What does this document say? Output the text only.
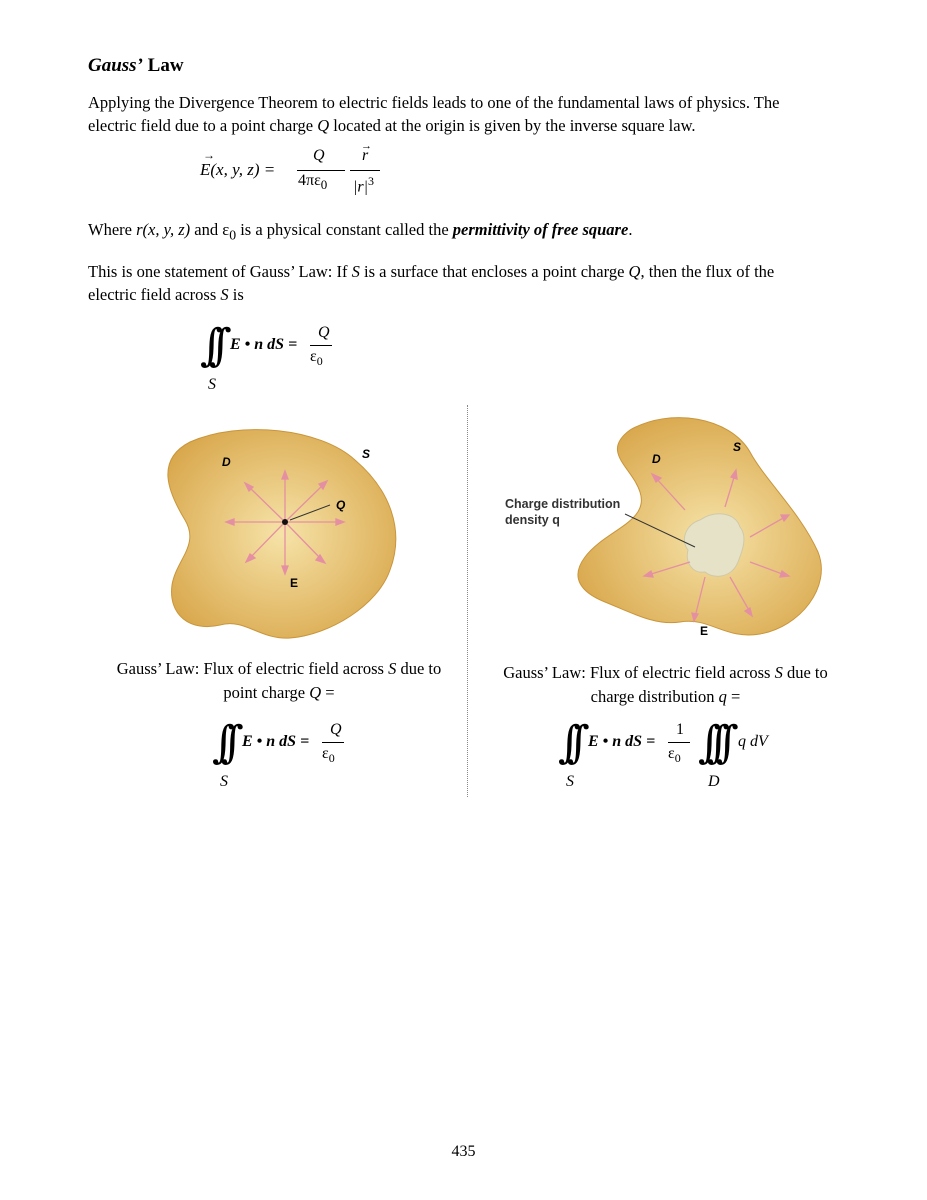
Gauss’ Law
Applying the Divergence Theorem to electric fields leads to one of the fundamental laws of physics. The
electric field due to a point charge Q located at the origin is given by the inverse square law.
E(x, y, z) =
→	Q
$4\pi\varepsilon_0$
r
→
$|r|^3$
Where r(x, y, z) and $\varepsilon_0$ is a physical constant called the permittivity of free square.
This is one statement of Gauss’ Law: If S is a surface that encloses a point charge Q, then the flux of the
electric field across S is
∫∫ E • n dS =
Q
$\varepsilon_0$
S
D
S
Q
E
Gauss’ Law: Flux of electric field across S due to
point charge Q =
∫∫ E • n dS =
Q
$\varepsilon_0$
S
D
S
E
Charge distribution
density q
Gauss’ Law: Flux of electric field across S due to
charge distribution q =
∫∫ E • n dS =
1
$\varepsilon_0$ ∫∫∫ q dV
S	D
435
